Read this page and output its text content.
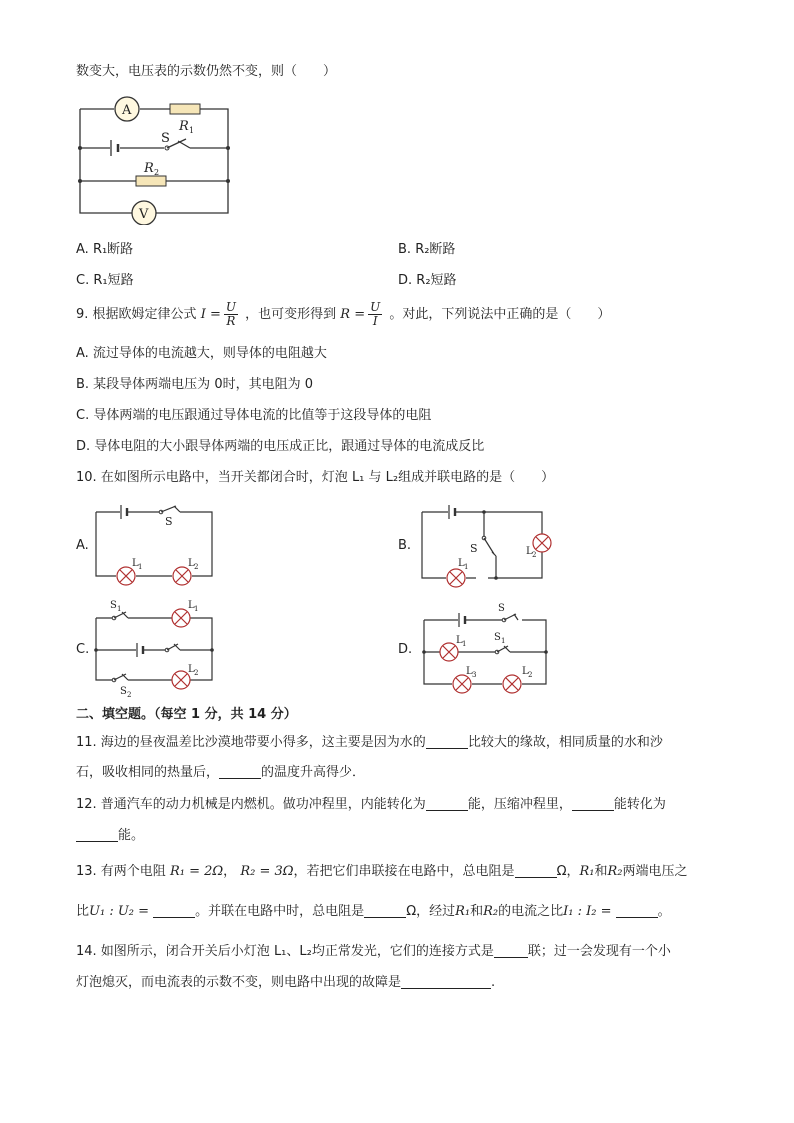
数变大，电压表的示数仍然不变，则（　　）
A
V
R 1
S
R 2
A. R₁断路	B. R₂断路
C. R₁短路	D. R₂短路
9. 根据欧姆定律公式 $I = \frac{U}{R}$ ，也可变形得到 $R = \frac{U}{I}$ 。对此，下列说法中正确的是（　　）
A. 流过导体的电流越大，则导体的电阻越大
B. 某段导体两端电压为 0时，其电阻为 0
C. 导体两端的电压跟通过导体电流的比值等于这段导体的电阻
D. 导体电阻的大小跟导体两端的电压成正比，跟通过导体的电流成反比
10. 在如图所示电路中，当开关都闭合时，灯泡 L₁ 与 L₂组成并联电路的是（　　）
A.	B.
C.	D.
S
L 1	L 2
S
L 1
L 2
S 1	L 1
L 2
S 2
S
L 1
S 1
L 3	L 2
二、填空题。（每空 1 分，共 14 分）
11. 海边的昼夜温差比沙漠地带要小得多，这主要是因为水的	比较大的缘故，相同质量的水和沙
石，吸收相同的热量后，	的温度升高得少．
12. 普通汽车的动力机械是内燃机。做功冲程里，内能转化为	能，压缩冲程里，	能转化为
能。
13. 有两个电阻 R₁ = 2Ω， R₂ = 3Ω，若把它们串联接在电路中，总电阻是	Ω，R₁和R₂两端电压之
比U₁ : U₂ =	。并联在电路中时，总电阻是	Ω，经过R₁和R₂的电流之比I₁ : I₂ =	。
14. 如图所示，闭合开关后小灯泡 L₁、L₂均正常发光，它们的连接方式是	联；过一会发现有一个小
灯泡熄灭，而电流表的示数不变，则电路中出现的故障是	.
